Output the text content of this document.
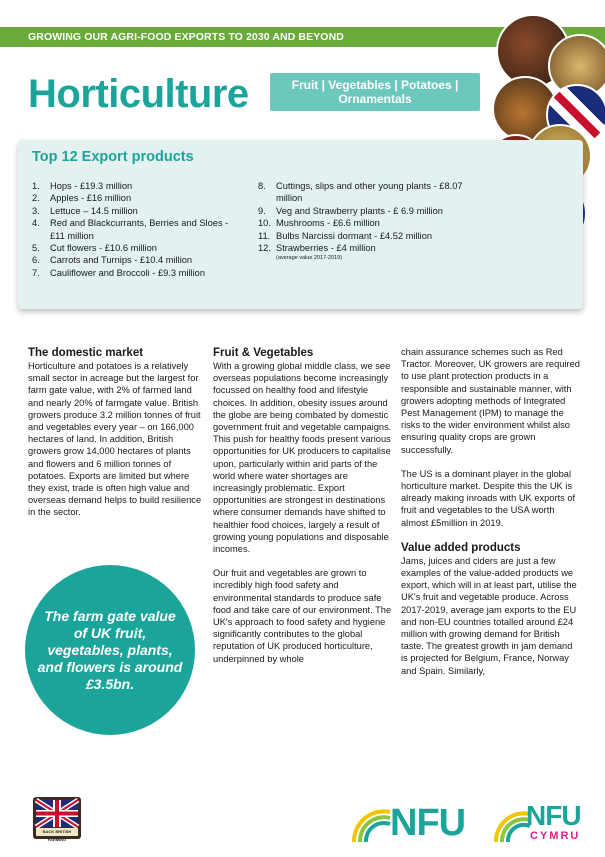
GROWING OUR AGRI-FOOD EXPORTS TO 2030 AND BEYOND
Horticulture	Fruit | Vegetables | Potatoes |
Ornamentals
Top 12 Export products
1. Hops - £19.3 million
2. Apples - £16 million
3. Lettuce – 14.5 million
4. Red and Blackcurrants, Berries and Sloes - £11 million
5. Cut flowers - £10.6 million
6. Carrots and Turnips - £10.4 million
7. Cauliflower and Broccoli - £9.3 million
8. Cuttings, slips and other young plants - £8.07 million
9. Veg and Strawberry plants - £ 6.9 million
10. Mushrooms - £6.6 million
11. Bulbs Narcissi dormant - £4.52 million
12. Strawberries - £4 million
(average value 2017-2019)
The domestic market

Horticulture and potatoes is a relatively small sector in acreage but the largest for farm gate value, with 2% of farmed land and nearly 20% of farmgate value. British growers produce 3.2 million tonnes of fruit and vegetables every year – on 166,000 hectares of land. In addition, British growers grow 14,000 hectares of plants and flowers and 6 million tonnes of potatoes. Exports are limited but where they exist, trade is often high value and overseas demand helps to build resilience in the sector.

The farm gate value of UK fruit, vegetables, plants, and flowers is around £3.5bn.
Fruit & Vegetables

With a growing global middle class, we see overseas populations become increasingly focussed on healthy food and lifestyle choices. In addition, obesity issues around the globe are being combated by domestic government fruit and vegetable campaigns. This push for healthy foods present various opportunities for UK producers to capitalise upon, particularly within arid parts of the world where water shortages are increasingly problematic. Export opportunities are strongest in destinations where consumer demands have shifted to healthier food choices, largely a result of growing young populations and disposable incomes.

Our fruit and vegetables are grown to incredibly high food safety and environmental standards to produce safe food and take care of our environment. The UK's approach to food safety and hygiene significantly contributes to the global reputation of UK produced horticulture, underpinned by whole

chain assurance schemes such as Red Tractor. Moreover, UK growers are required to use plant protection products in a responsible and sustainable manner, with growers adopting methods of Integrated Pest Management (IPM) to manage the risks to the wider environment whilst also ensuring quality crops are grown successfully.

The US is a dominant player in the global horticulture market. Despite this the UK is already making inroads with UK exports of fruit and vegetables to the USA worth almost £5million in 2019.

Value added products

Jams, juices and ciders are just a few examples of the value-added products we export, which will in at least part, utilise the UK's fruit and vegetable produce. Across 2017-2019, average jam exports to the EU and non-EU countries totalled around £24 million with growing demand for British taste. The greatest growth in jam demand is projected for Belgium, France, Norway and Spain. Similarly,

BACK BRITISH FARMING	NFU NFU
CYMRU
